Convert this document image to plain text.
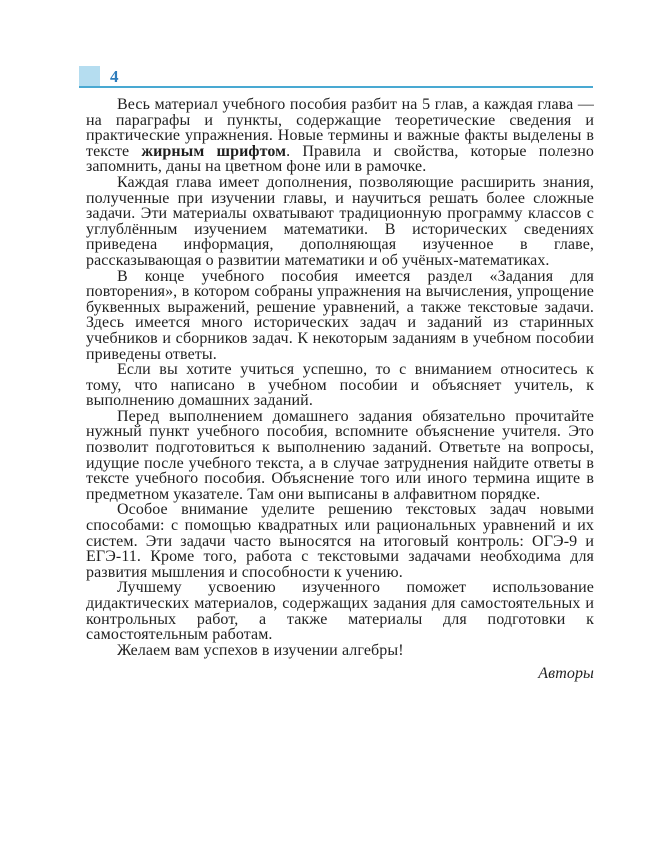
4

Весь материал учебного пособия разбит на 5 глав, а каждая глава — на параграфы и пункты, содержащие теоретические сведения и практические упражнения. Новые термины и важные факты выделены в тексте жирным шрифтом. Правила и свойства, которые полезно запомнить, даны на цветном фоне или в рамочке.

Каждая глава имеет дополнения, позволяющие расширить знания, полученные при изучении главы, и научиться решать более сложные задачи. Эти материалы охватывают традиционную программу классов с углублённым изучением математики. В исторических сведениях приведена информация, дополняющая изученное в главе, рассказывающая о развитии математики и об учёных-математиках.

В конце учебного пособия имеется раздел «Задания для повторения», в котором собраны упражнения на вычисления, упрощение буквенных выражений, решение уравнений, а также текстовые задачи. Здесь имеется много исторических задач и заданий из старинных учебников и сборников задач. К некоторым заданиям в учебном пособии приведены ответы.

Если вы хотите учиться успешно, то с вниманием относитесь к тому, что написано в учебном пособии и объясняет учитель, к выполнению домашних заданий.

Перед выполнением домашнего задания обязательно прочитайте нужный пункт учебного пособия, вспомните объяснение учителя. Это позволит подготовиться к выполнению заданий. Ответьте на вопросы, идущие после учебного текста, а в случае затруднения найдите ответы в тексте учебного пособия. Объяснение того или иного термина ищите в предметном указателе. Там они выписаны в алфавитном порядке.

Особое внимание уделите решению текстовых задач новыми способами: с помощью квадратных или рациональных уравнений и их систем. Эти задачи часто выносятся на итоговый контроль: ОГЭ-9 и ЕГЭ-11. Кроме того, работа с текстовыми задачами необходима для развития мышления и способности к учению.

Лучшему усвоению изученного поможет использование дидактических материалов, содержащих задания для самостоятельных и контрольных работ, а также материалы для подготовки к самостоятельным работам.

Желаем вам успехов в изучении алгебры!

Авторы
